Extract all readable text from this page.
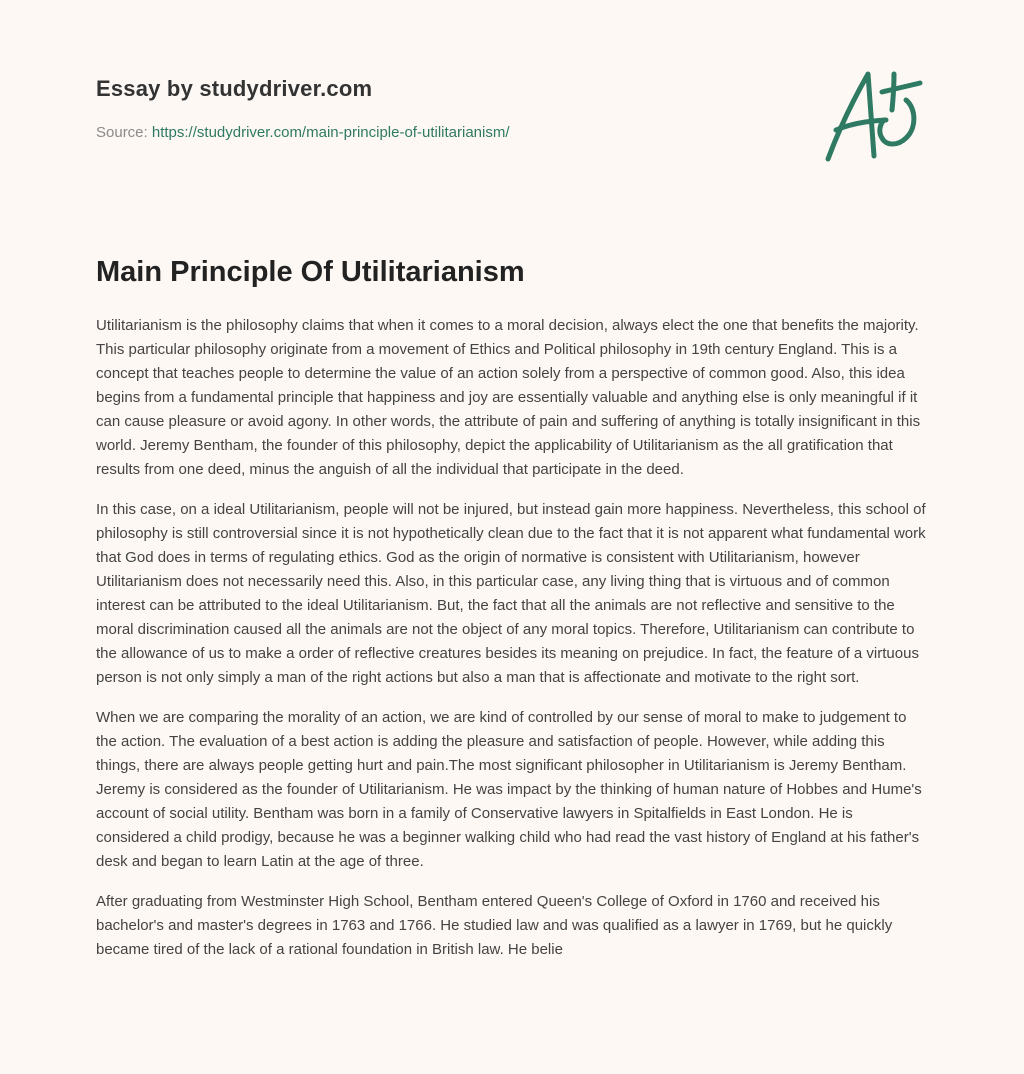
Essay by studydriver.com
Source: https://studydriver.com/main-principle-of-utilitarianism/
Main Principle Of Utilitarianism

Utilitarianism is the philosophy claims that when it comes to a moral decision, always elect the one that benefits the majority. This particular philosophy originate from a movement of Ethics and Political philosophy in 19th century England. This is a concept that teaches people to determine the value of an action solely from a perspective of common good. Also, this idea begins from a fundamental principle that happiness and joy are essentially valuable and anything else is only meaningful if it can cause pleasure or avoid agony. In other words, the attribute of pain and suffering of anything is totally insignificant in this world. Jeremy Bentham, the founder of this philosophy, depict the applicability of Utilitarianism as the all gratification that results from one deed, minus the anguish of all the individual that participate in the deed.

In this case, on a ideal Utilitarianism, people will not be injured, but instead gain more happiness. Nevertheless, this school of philosophy is still controversial since it is not hypothetically clean due to the fact that it is not apparent what fundamental work that God does in terms of regulating ethics. God as the origin of normative is consistent with Utilitarianism, however Utilitarianism does not necessarily need this. Also, in this particular case, any living thing that is virtuous and of common interest can be attributed to the ideal Utilitarianism. But, the fact that all the animals are not reflective and sensitive to the moral discrimination caused all the animals are not the object of any moral topics. Therefore, Utilitarianism can contribute to the allowance of us to make a order of reflective creatures besides its meaning on prejudice. In fact, the feature of a virtuous person is not only simply a man of the right actions but also a man that is affectionate and motivate to the right sort.

When we are comparing the morality of an action, we are kind of controlled by our sense of moral to make to judgement to the action. The evaluation of a best action is adding the pleasure and satisfaction of people. However, while adding this things, there are always people getting hurt and pain.The most significant philosopher in Utilitarianism is Jeremy Bentham. Jeremy is considered as the founder of Utilitarianism. He was impact by the thinking of human nature of Hobbes and Hume's account of social utility. Bentham was born in a family of Conservative lawyers in Spitalfields in East London. He is considered a child prodigy, because he was a beginner walking child who had read the vast history of England at his father's desk and began to learn Latin at the age of three.

After graduating from Westminster High School, Bentham entered Queen's College of Oxford in 1760 and received his bachelor's and master's degrees in 1763 and 1766. He studied law and was qualified as a lawyer in 1769, but he quickly became tired of the lack of a rational foundation in British law. He belie
